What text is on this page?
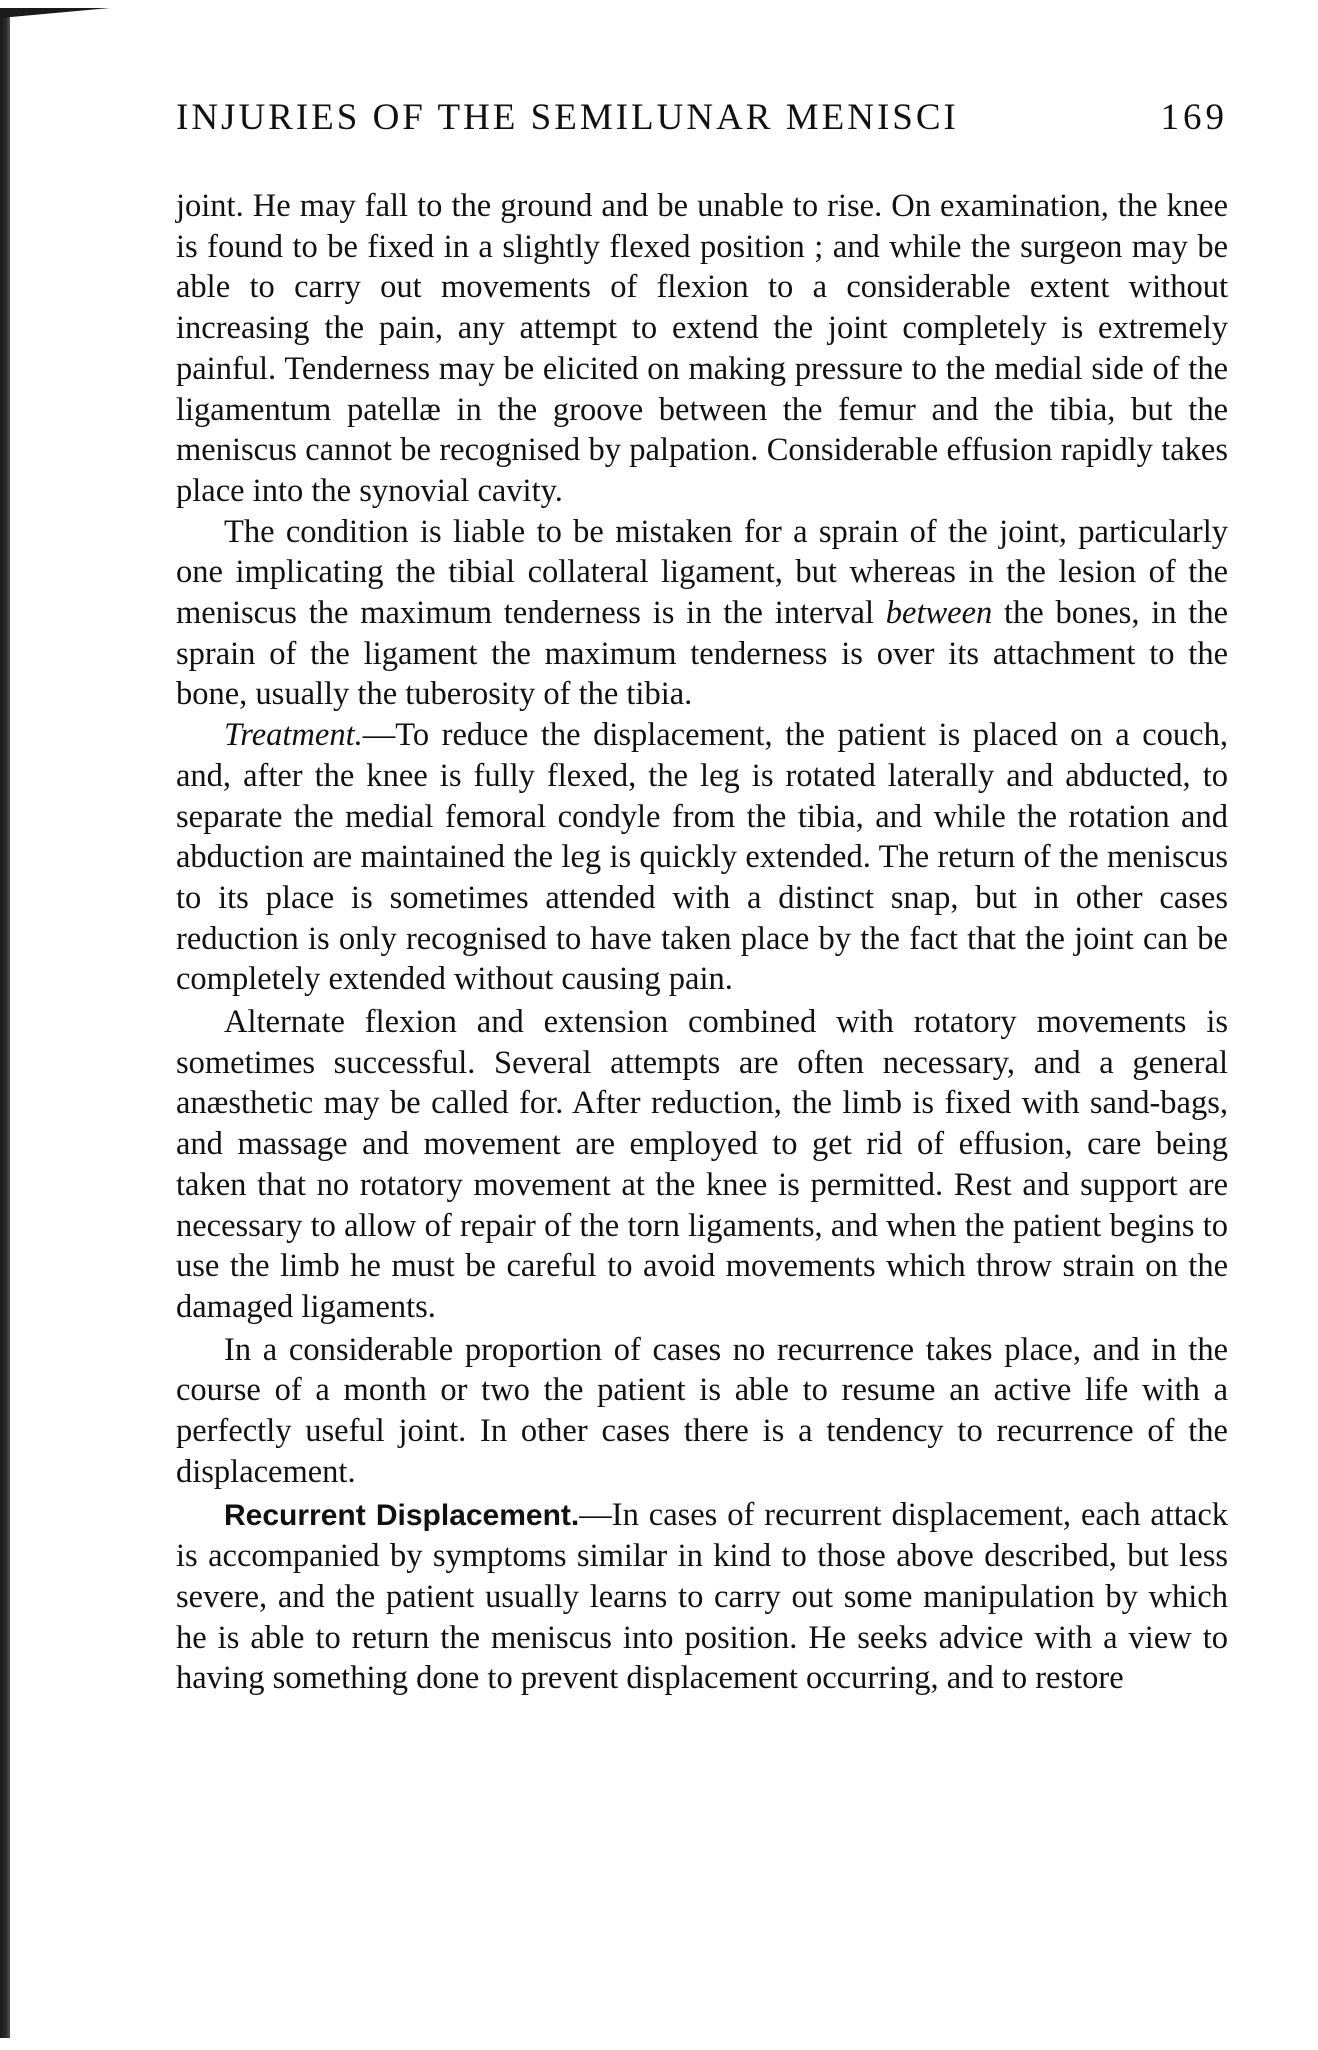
INJURIES OF THE SEMILUNAR MENISCI	169

joint. He may fall to the ground and be unable to rise. On examination, the knee is found to be fixed in a slightly flexed position ; and while the surgeon may be able to carry out movements of flexion to a considerable extent without increasing the pain, any attempt to extend the joint completely is extremely painful. Tenderness may be elicited on making pressure to the medial side of the ligamentum patellæ in the groove between the femur and the tibia, but the meniscus cannot be recognised by palpation. Considerable effusion rapidly takes place into the synovial cavity.

The condition is liable to be mistaken for a sprain of the joint, particularly one implicating the tibial collateral ligament, but whereas in the lesion of the meniscus the maximum tenderness is in the interval between the bones, in the sprain of the ligament the maximum tenderness is over its attachment to the bone, usually the tuberosity of the tibia.

Treatment.—To reduce the displacement, the patient is placed on a couch, and, after the knee is fully flexed, the leg is rotated laterally and abducted, to separate the medial femoral condyle from the tibia, and while the rotation and abduction are maintained the leg is quickly extended. The return of the meniscus to its place is sometimes attended with a distinct snap, but in other cases reduction is only recognised to have taken place by the fact that the joint can be completely extended without causing pain.

Alternate flexion and extension combined with rotatory movements is sometimes successful. Several attempts are often necessary, and a general anæsthetic may be called for. After reduction, the limb is fixed with sand-bags, and massage and movement are employed to get rid of effusion, care being taken that no rotatory movement at the knee is permitted. Rest and support are necessary to allow of repair of the torn ligaments, and when the patient begins to use the limb he must be careful to avoid movements which throw strain on the damaged ligaments.

In a considerable proportion of cases no recurrence takes place, and in the course of a month or two the patient is able to resume an active life with a perfectly useful joint. In other cases there is a tendency to recurrence of the displacement.

Recurrent Displacement.—In cases of recurrent displacement, each attack is accompanied by symptoms similar in kind to those above described, but less severe, and the patient usually learns to carry out some manipulation by which he is able to return the meniscus into position. He seeks advice with a view to having something done to prevent displacement occurring, and to restore
